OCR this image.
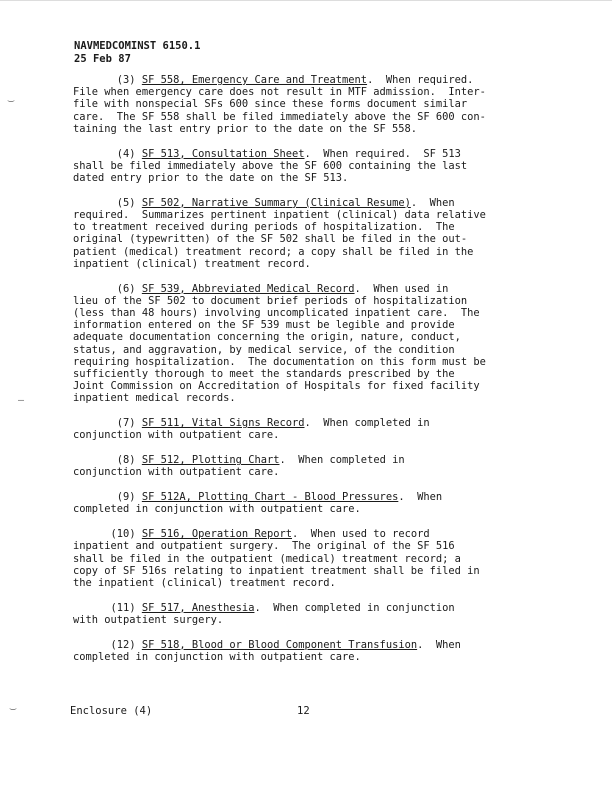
NAVMEDCOMINST 6150.1
25 Feb 87
(3) SF 558, Emergency Care and Treatment.  When required.
File when emergency care does not result in MTF admission.  Inter-
file with nonspecial SFs 600 since these forms document similar
care.  The SF 558 shall be filed immediately above the SF 600 con-
taining the last entry prior to the date on the SF 558.
(4) SF 513, Consultation Sheet.  When required.  SF 513
shall be filed immediately above the SF 600 containing the last
dated entry prior to the date on the SF 513.
(5) SF 502, Narrative Summary (Clinical Resume).  When
required.  Summarizes pertinent inpatient (clinical) data relative
to treatment received during periods of hospitalization.  The
original (typewritten) of the SF 502 shall be filed in the out-
patient (medical) treatment record; a copy shall be filed in the
inpatient (clinical) treatment record.
(6) SF 539, Abbreviated Medical Record.  When used in
lieu of the SF 502 to document brief periods of hospitalization
(less than 48 hours) involving uncomplicated inpatient care.  The
information entered on the SF 539 must be legible and provide
adequate documentation concerning the origin, nature, conduct,
status, and aggravation, by medical service, of the condition
requiring hospitalization.  The documentation on this form must be
sufficiently thorough to meet the standards prescribed by the
Joint Commission on Accreditation of Hospitals for fixed facility
inpatient medical records.
(7) SF 511, Vital Signs Record.  When completed in
conjunction with outpatient care.
(8) SF 512, Plotting Chart.  When completed in
conjunction with outpatient care.
(9) SF 512A, Plotting Chart - Blood Pressures.  When
completed in conjunction with outpatient care.
(10) SF 516, Operation Report.  When used to record
inpatient and outpatient surgery.  The original of the SF 516
shall be filed in the outpatient (medical) treatment record; a
copy of SF 516s relating to inpatient treatment shall be filed in
the inpatient (clinical) treatment record.
(11) SF 517, Anesthesia.  When completed in conjunction
with outpatient surgery.
(12) SF 518, Blood or Blood Component Transfusion.  When
completed in conjunction with outpatient care.
‿
—
‿	Enclosure (4)	12
